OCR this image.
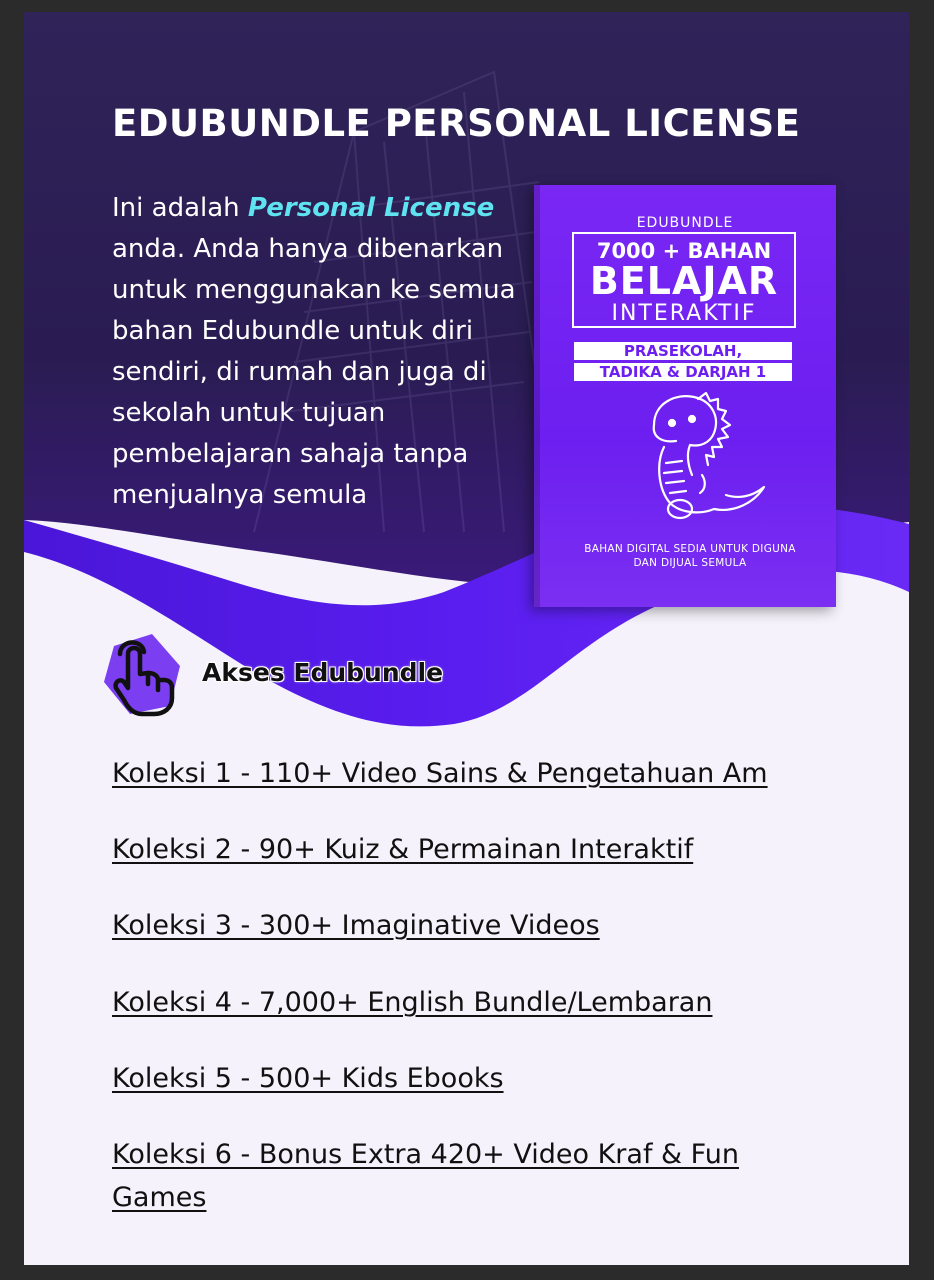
EDUBUNDLE PERSONAL LICENSE

Ini adalah Personal License anda. Anda hanya dibenarkan untuk menggunakan ke semua bahan Edubundle untuk diri sendiri, di rumah dan juga di sekolah untuk tujuan pembelajaran sahaja tanpa menjualnya semula

EDUBUNDLE
7000 + BAHAN
BELAJAR
INTERAKTIF
PRASEKOLAH,
TADIKA & DARJAH 1
BAHAN DIGITAL SEDIA UNTUK DIGUNA
DAN DIJUAL SEMULA
Akses Edubundle
Koleksi 1 - 110+ Video Sains & Pengetahuan Am
Koleksi 2 - 90+ Kuiz & Permainan Interaktif
Koleksi 3 - 300+ Imaginative Videos
Koleksi 4 - 7,000+ English Bundle/Lembaran
Koleksi 5 - 500+ Kids Ebooks
Koleksi 6 - Bonus Extra 420+ Video Kraf & Fun Games
